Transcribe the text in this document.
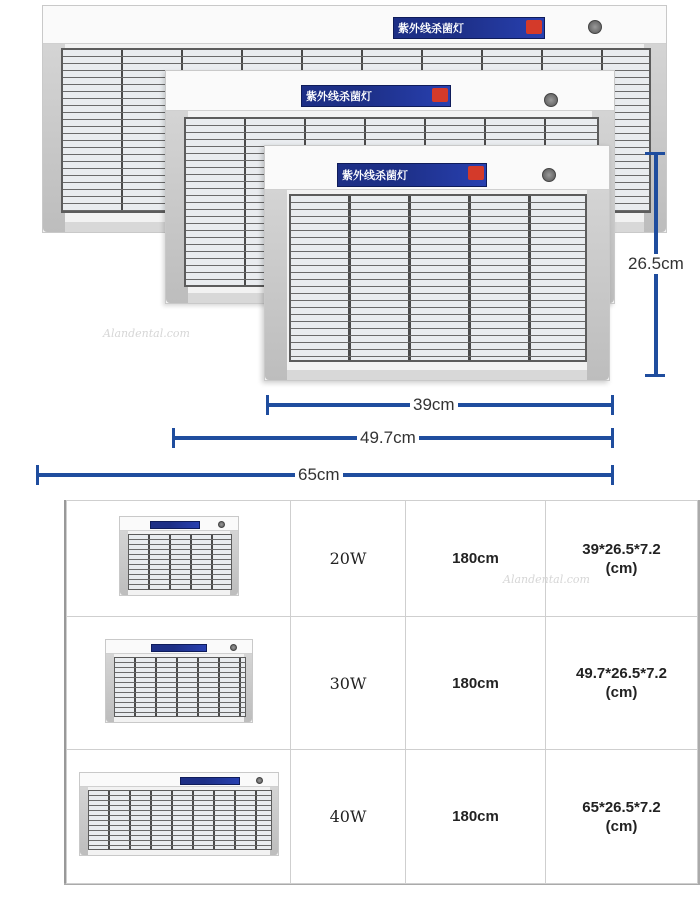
紫外线杀菌灯
紫外线杀菌灯
紫外线杀菌灯
Alandental.com
26.5cm
39cm
49.7cm
65cm
	20W	180cm	39*26.5*7.2
(cm)

	30W	180cm	49.7*26.5*7.2
(cm)

	40W	180cm	65*26.5*7.2
(cm)
Alandental.com
